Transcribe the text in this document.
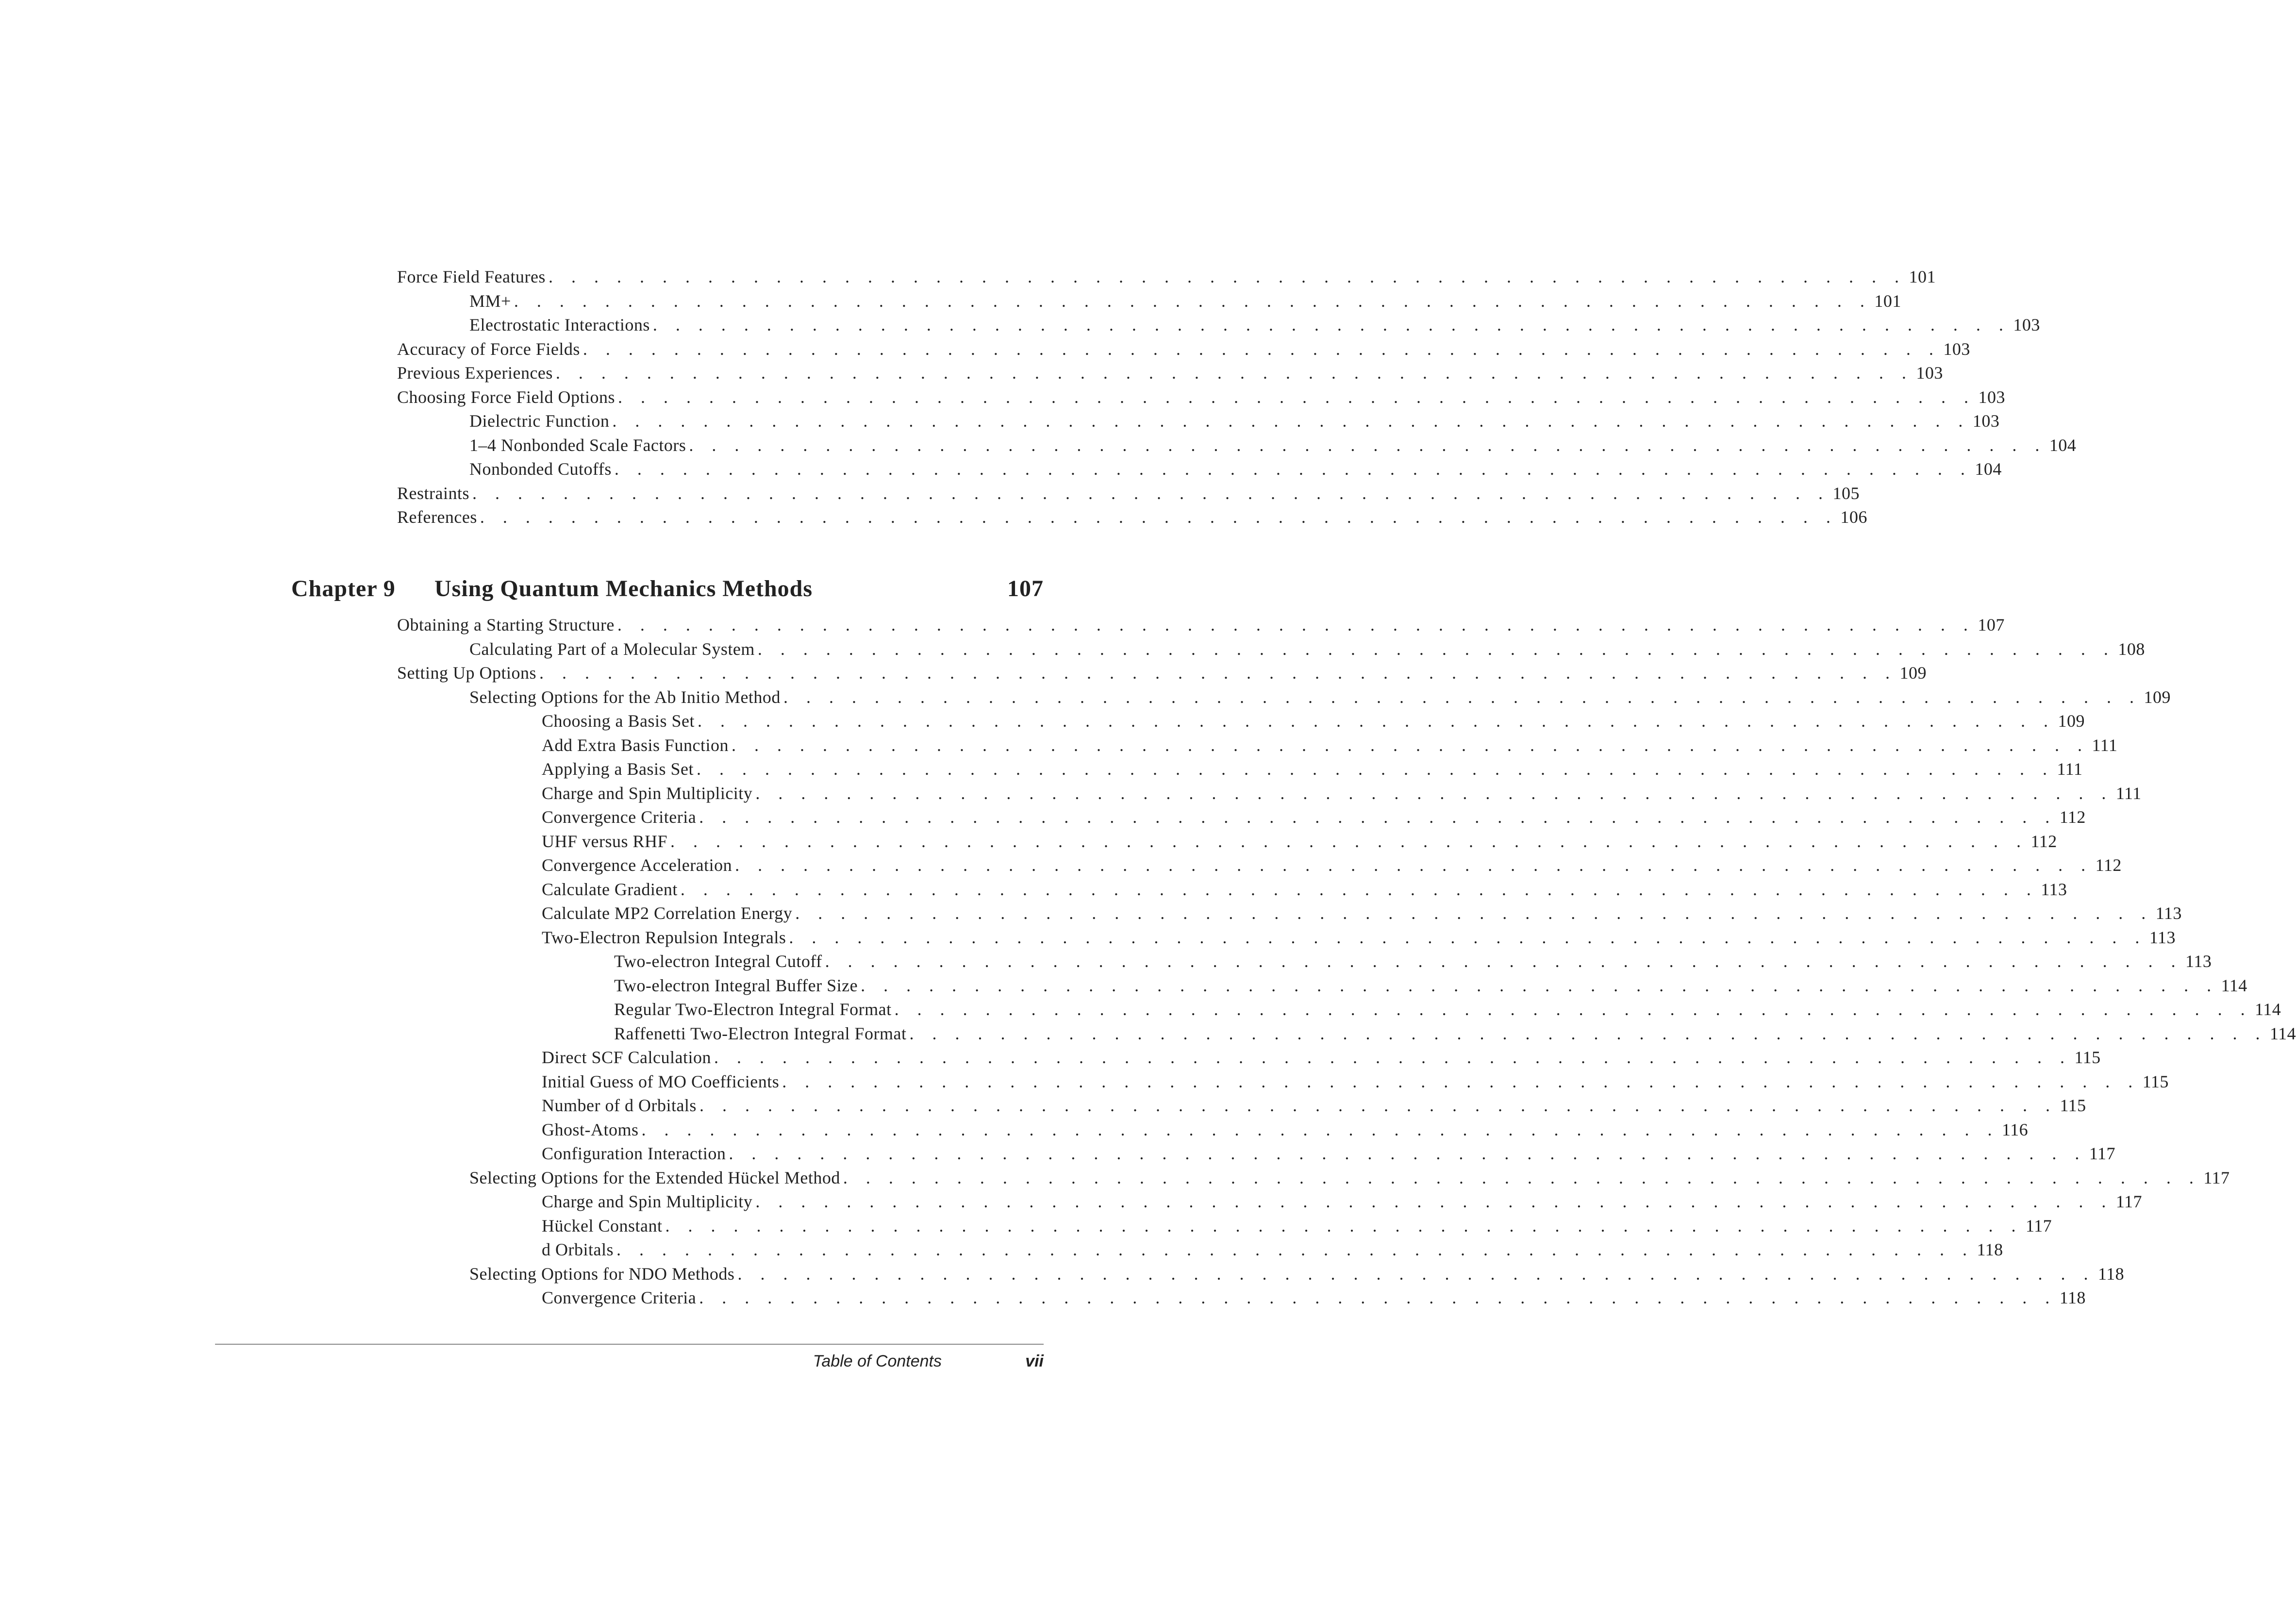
Force Field Features . . . . . . . . . . . . . . . . . . . . . . . . . . . . . . . . . . . . . . . . . . . . . . . . . . . . . . . . . . . . 101
MM+ . . . . . . . . . . . . . . . . . . . . . . . . . . . . . . . . . . . . . . . . . . . . . . . . . . . . . . . . . . . . 101
Electrostatic Interactions . . . . . . . . . . . . . . . . . . . . . . . . . . . . . . . . . . . . . . . . . . . . . . . . . . . . . . . . . . . . 103
Accuracy of Force Fields . . . . . . . . . . . . . . . . . . . . . . . . . . . . . . . . . . . . . . . . . . . . . . . . . . . . . . . . . . . . 103
Previous Experiences . . . . . . . . . . . . . . . . . . . . . . . . . . . . . . . . . . . . . . . . . . . . . . . . . . . . . . . . . . . . 103
Choosing Force Field Options . . . . . . . . . . . . . . . . . . . . . . . . . . . . . . . . . . . . . . . . . . . . . . . . . . . . . . . . . . . . 103
Dielectric Function . . . . . . . . . . . . . . . . . . . . . . . . . . . . . . . . . . . . . . . . . . . . . . . . . . . . . . . . . . . . 103
1–4 Nonbonded Scale Factors . . . . . . . . . . . . . . . . . . . . . . . . . . . . . . . . . . . . . . . . . . . . . . . . . . . . . . . . . . . . 104
Nonbonded Cutoffs . . . . . . . . . . . . . . . . . . . . . . . . . . . . . . . . . . . . . . . . . . . . . . . . . . . . . . . . . . . . 104
Restraints . . . . . . . . . . . . . . . . . . . . . . . . . . . . . . . . . . . . . . . . . . . . . . . . . . . . . . . . . . . . 105
References . . . . . . . . . . . . . . . . . . . . . . . . . . . . . . . . . . . . . . . . . . . . . . . . . . . . . . . . . . . . 106
Obtaining a Starting Structure . . . . . . . . . . . . . . . . . . . . . . . . . . . . . . . . . . . . . . . . . . . . . . . . . . . . . . . . . . . . 107
Calculating Part of a Molecular System . . . . . . . . . . . . . . . . . . . . . . . . . . . . . . . . . . . . . . . . . . . . . . . . . . . . . . . . . . . . 108
Setting Up Options . . . . . . . . . . . . . . . . . . . . . . . . . . . . . . . . . . . . . . . . . . . . . . . . . . . . . . . . . . . . 109
Selecting Options for the Ab Initio Method . . . . . . . . . . . . . . . . . . . . . . . . . . . . . . . . . . . . . . . . . . . . . . . . . . . . . . . . . . . . 109
Choosing a Basis Set . . . . . . . . . . . . . . . . . . . . . . . . . . . . . . . . . . . . . . . . . . . . . . . . . . . . . . . . . . . . 109
Add Extra Basis Function . . . . . . . . . . . . . . . . . . . . . . . . . . . . . . . . . . . . . . . . . . . . . . . . . . . . . . . . . . . . 111
Applying a Basis Set . . . . . . . . . . . . . . . . . . . . . . . . . . . . . . . . . . . . . . . . . . . . . . . . . . . . . . . . . . . . 111
Charge and Spin Multiplicity . . . . . . . . . . . . . . . . . . . . . . . . . . . . . . . . . . . . . . . . . . . . . . . . . . . . . . . . . . . . 111
Convergence Criteria . . . . . . . . . . . . . . . . . . . . . . . . . . . . . . . . . . . . . . . . . . . . . . . . . . . . . . . . . . . . 112
UHF versus RHF . . . . . . . . . . . . . . . . . . . . . . . . . . . . . . . . . . . . . . . . . . . . . . . . . . . . . . . . . . . . 112
Convergence Acceleration . . . . . . . . . . . . . . . . . . . . . . . . . . . . . . . . . . . . . . . . . . . . . . . . . . . . . . . . . . . . 112
Calculate Gradient . . . . . . . . . . . . . . . . . . . . . . . . . . . . . . . . . . . . . . . . . . . . . . . . . . . . . . . . . . . . 113
Calculate MP2 Correlation Energy . . . . . . . . . . . . . . . . . . . . . . . . . . . . . . . . . . . . . . . . . . . . . . . . . . . . . . . . . . . . 113
Two-Electron Repulsion Integrals . . . . . . . . . . . . . . . . . . . . . . . . . . . . . . . . . . . . . . . . . . . . . . . . . . . . . . . . . . . . 113
Two-electron Integral Cutoff . . . . . . . . . . . . . . . . . . . . . . . . . . . . . . . . . . . . . . . . . . . . . . . . . . . . . . . . . . . . 113
Two-electron Integral Buffer Size . . . . . . . . . . . . . . . . . . . . . . . . . . . . . . . . . . . . . . . . . . . . . . . . . . . . . . . . . . . . 114
Regular Two-Electron Integral Format . . . . . . . . . . . . . . . . . . . . . . . . . . . . . . . . . . . . . . . . . . . . . . . . . . . . . . . . . . . . 114
Raffenetti Two-Electron Integral Format . . . . . . . . . . . . . . . . . . . . . . . . . . . . . . . . . . . . . . . . . . . . . . . . . . . . . . . . . . . . 114
Direct SCF Calculation . . . . . . . . . . . . . . . . . . . . . . . . . . . . . . . . . . . . . . . . . . . . . . . . . . . . . . . . . . . . 115
Initial Guess of MO Coefficients . . . . . . . . . . . . . . . . . . . . . . . . . . . . . . . . . . . . . . . . . . . . . . . . . . . . . . . . . . . . 115
Number of d Orbitals . . . . . . . . . . . . . . . . . . . . . . . . . . . . . . . . . . . . . . . . . . . . . . . . . . . . . . . . . . . . 115
Ghost-Atoms . . . . . . . . . . . . . . . . . . . . . . . . . . . . . . . . . . . . . . . . . . . . . . . . . . . . . . . . . . . . 116
Configuration Interaction . . . . . . . . . . . . . . . . . . . . . . . . . . . . . . . . . . . . . . . . . . . . . . . . . . . . . . . . . . . . 117
Selecting Options for the Extended Hückel Method . . . . . . . . . . . . . . . . . . . . . . . . . . . . . . . . . . . . . . . . . . . . . . . . . . . . . . . . . . . . 117
Charge and Spin Multiplicity . . . . . . . . . . . . . . . . . . . . . . . . . . . . . . . . . . . . . . . . . . . . . . . . . . . . . . . . . . . . 117
Hückel Constant . . . . . . . . . . . . . . . . . . . . . . . . . . . . . . . . . . . . . . . . . . . . . . . . . . . . . . . . . . . . 117
d Orbitals . . . . . . . . . . . . . . . . . . . . . . . . . . . . . . . . . . . . . . . . . . . . . . . . . . . . . . . . . . . . 118
Selecting Options for NDO Methods . . . . . . . . . . . . . . . . . . . . . . . . . . . . . . . . . . . . . . . . . . . . . . . . . . . . . . . . . . . . 118
Convergence Criteria . . . . . . . . . . . . . . . . . . . . . . . . . . . . . . . . . . . . . . . . . . . . . . . . . . . . . . . . . . . . 118
Chapter 9	Using Quantum Mechanics Methods	107
Table of Contents	vii
